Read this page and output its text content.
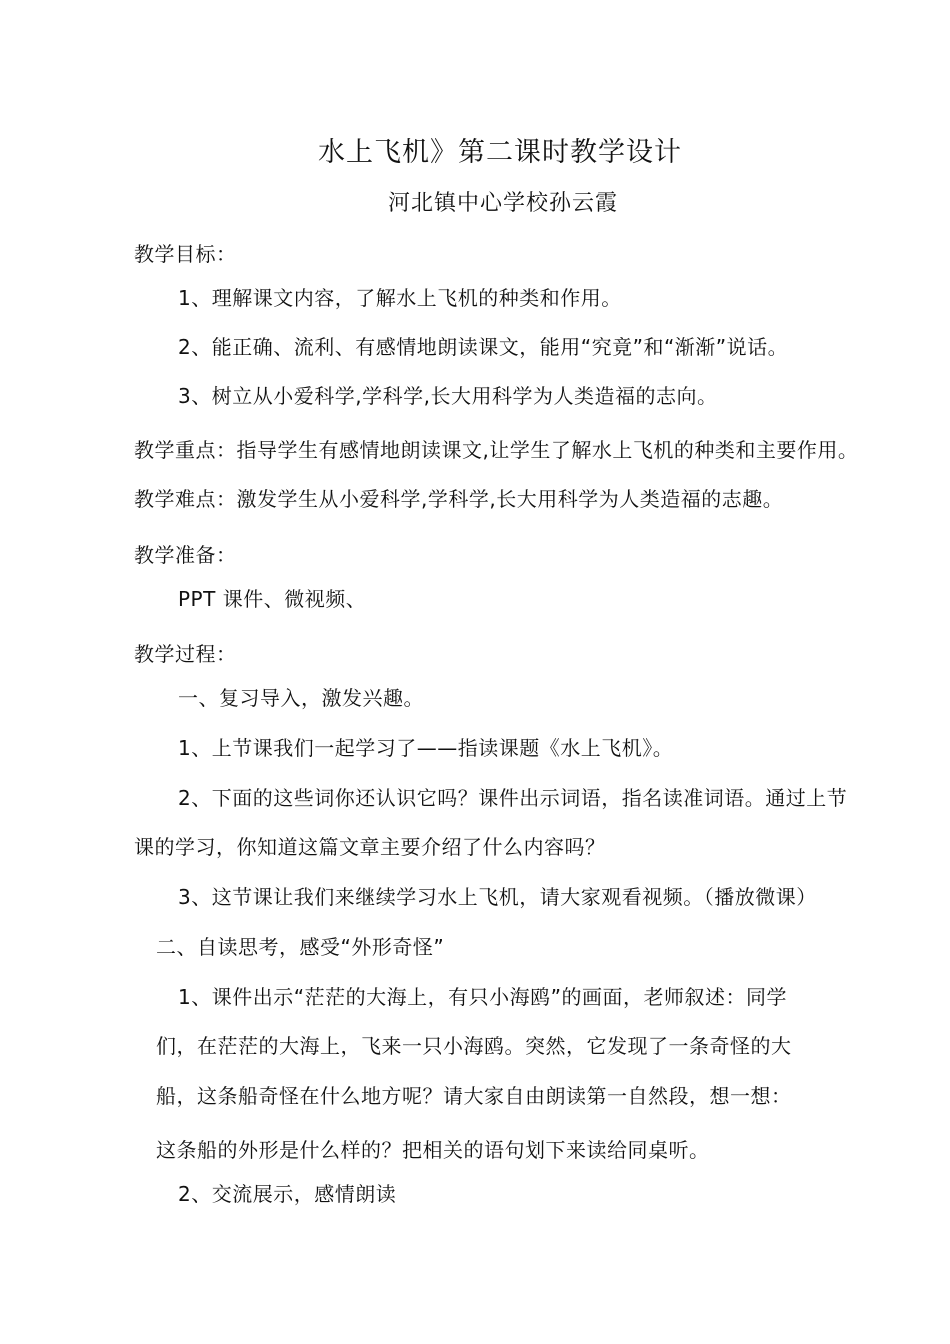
水上飞机》第二课时教学设计
河北镇中心学校孙云霞
教学目标：
1、理解课文内容，了解水上飞机的种类和作用。
2、能正确、流利、有感情地朗读课文，能用“究竟”和“渐渐”说话。
3、树立从小爱科学,学科学,长大用科学为人类造福的志向。
教学重点：指导学生有感情地朗读课文,让学生了解水上飞机的种类和主要作用。
教学难点：激发学生从小爱科学,学科学,长大用科学为人类造福的志趣。
教学准备：
PPT 课件、微视频、
教学过程：
一、复习导入，激发兴趣。
1、上节课我们一起学习了——指读课题《水上飞机》。
2、下面的这些词你还认识它吗？课件出示词语，指名读准词语。通过上节
课的学习，你知道这篇文章主要介绍了什么内容吗？
3、这节课让我们来继续学习水上飞机，请大家观看视频。（播放微课）
二、自读思考，感受“外形奇怪”
1、课件出示“茫茫的大海上，有只小海鸥”的画面，老师叙述：同学
们，在茫茫的大海上，飞来一只小海鸥。突然，它发现了一条奇怪的大
船，这条船奇怪在什么地方呢？请大家自由朗读第一自然段，想一想：
这条船的外形是什么样的？把相关的语句划下来读给同桌听。
2、交流展示，感情朗读
